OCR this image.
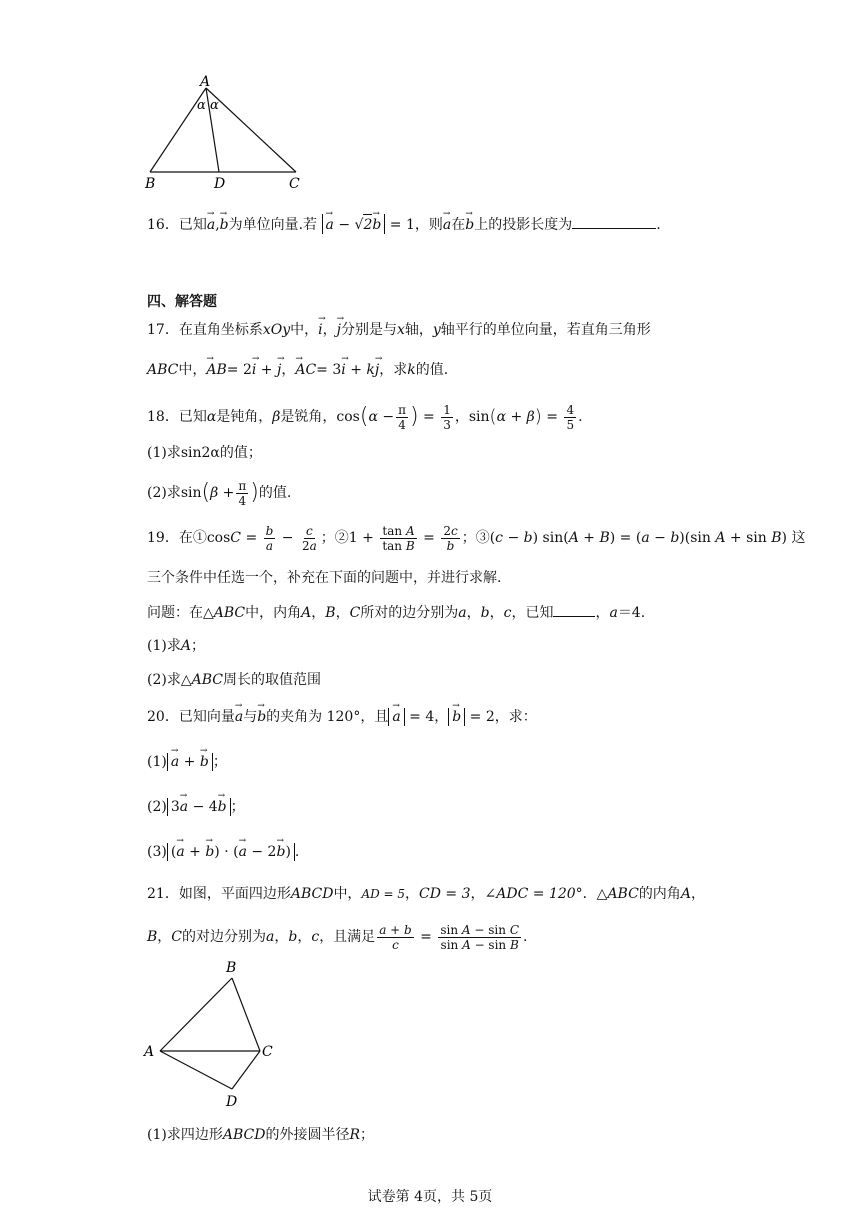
A
α α
B	D	C
16．已知→ a,→ b为单位向量.若 → a − √2→ b = 1，则→ a在→ b上的投影长度为	.
四、解答题
17．在直角坐标系xOy中，→ i，→ j分别是与x轴，y轴平行的单位向量，若直角三角形
ABC中，→ AB= 2→ i + → j，→ AC= 3→ i + k→ j，求k的值.
18．已知α是钝角，β是锐角，$\cos(\alpha - \frac{\pi}{4}$ ) = $\frac{1}{3}$ ，$\sin(\alpha + \beta) = \frac{4}{5}$ .
(1)求sin2α的值；
(2)求$\sin(\beta + \frac{\pi}{4}$ )的值.
19．在①cosC = $\frac{b}{a} - \frac{c}{2a}$ ；②1 + $\frac{\text{tan A}}{\text{tan B}} = \frac{2c}{b}$ ；③(c − b) sin(A + B) = (a − b)(sin A + sin B) 这
三个条件中任选一个，补充在下面的问题中，并进行求解.
问题：在△ABC中，内角A，B，C所对的边分别为a，b，c，已知	，a＝4.
(1)求A；
(2)求△ABC周长的取值范围
20．已知向量→ a与→ b的夹角为 120°，且 → a = 4， → b = 2，求：
(1) → a + → b ；
(2) 3→ a − 4→ b ；
(3) (→ a + → b) · (→ a − 2→ b) .
21．如图，平面四边形ABCD中，AD = 5，CD = 3，∠ADC = 120°．△ABC的内角A，
B，C的对边分别为a，b，c，且满足 $\frac{a + b}{c} = \frac{\text{sin A − sin C}}{\text{sin A − sin B}}$ .
B
A	C
D
(1)求四边形ABCD的外接圆半径R；
试卷第 4页，共 5页
